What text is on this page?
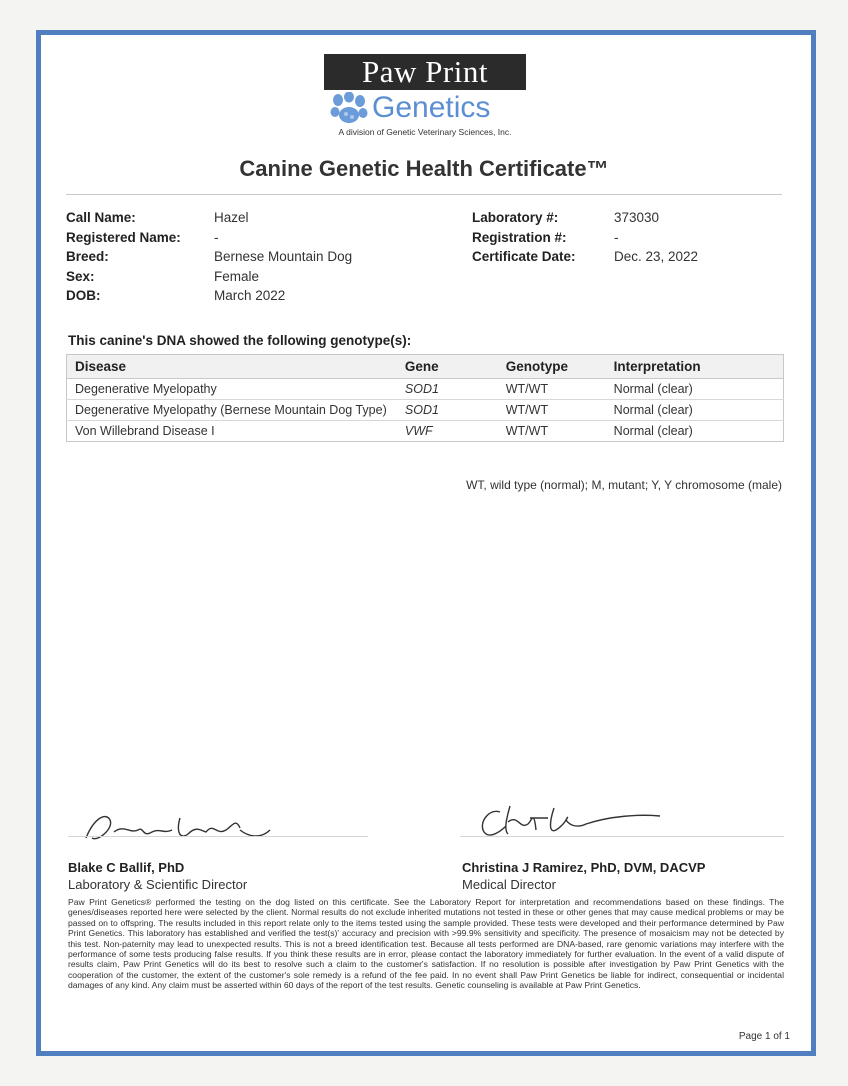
Paw Print
Genetics
A division of Genetic Veterinary Sciences, Inc.
Canine Genetic Health Certificate™
Call Name:	Hazel
Registered Name: -
Breed:	Bernese Mountain Dog
Sex:	Female
DOB:	March 2022
Laboratory #:	373030
Registration #:	-
Certificate Date:	Dec. 23, 2022
This canine's DNA showed the following genotype(s):
Disease	Gene	Genotype	Interpretation
Degenerative Myelopathy	SOD1	WT/WT	Normal (clear)
Degenerative Myelopathy (Bernese Mountain Dog Type)	SOD1	WT/WT	Normal (clear)
Von Willebrand Disease I	VWF	WT/WT	Normal (clear)
WT, wild type (normal); M, mutant; Y, Y chromosome (male)
Blake C Ballif, PhD
Laboratory & Scientific Director
Christina J Ramirez, PhD, DVM, DACVP
Medical Director
Paw Print Genetics® performed the testing on the dog listed on this certificate. See the Laboratory Report for interpretation and recommendations based on these findings. The genes/diseases reported here were selected by the client. Normal results do not exclude inherited mutations not tested in these or other genes that may cause medical problems or may be passed on to offspring. The results included in this report relate only to the items tested using the sample provided. These tests were developed and their performance determined by Paw Print Genetics. This laboratory has established and verified the test(s)' accuracy and precision with >99.9% sensitivity and specificity. The presence of mosaicism may not be detected by this test. Non-paternity may lead to unexpected results. This is not a breed identification test. Because all tests performed are DNA-based, rare genomic variations may interfere with the performance of some tests producing false results. If you think these results are in error, please contact the laboratory immediately for further evaluation. In the event of a valid dispute of results claim, Paw Print Genetics will do its best to resolve such a claim to the customer's satisfaction. If no resolution is possible after investigation by Paw Print Genetics with the cooperation of the customer, the extent of the customer's sole remedy is a refund of the fee paid. In no event shall Paw Print Genetics be liable for indirect, consequential or incidental damages of any kind. Any claim must be asserted within 60 days of the report of the test results. Genetic counseling is available at Paw Print Genetics.
Page 1 of 1
